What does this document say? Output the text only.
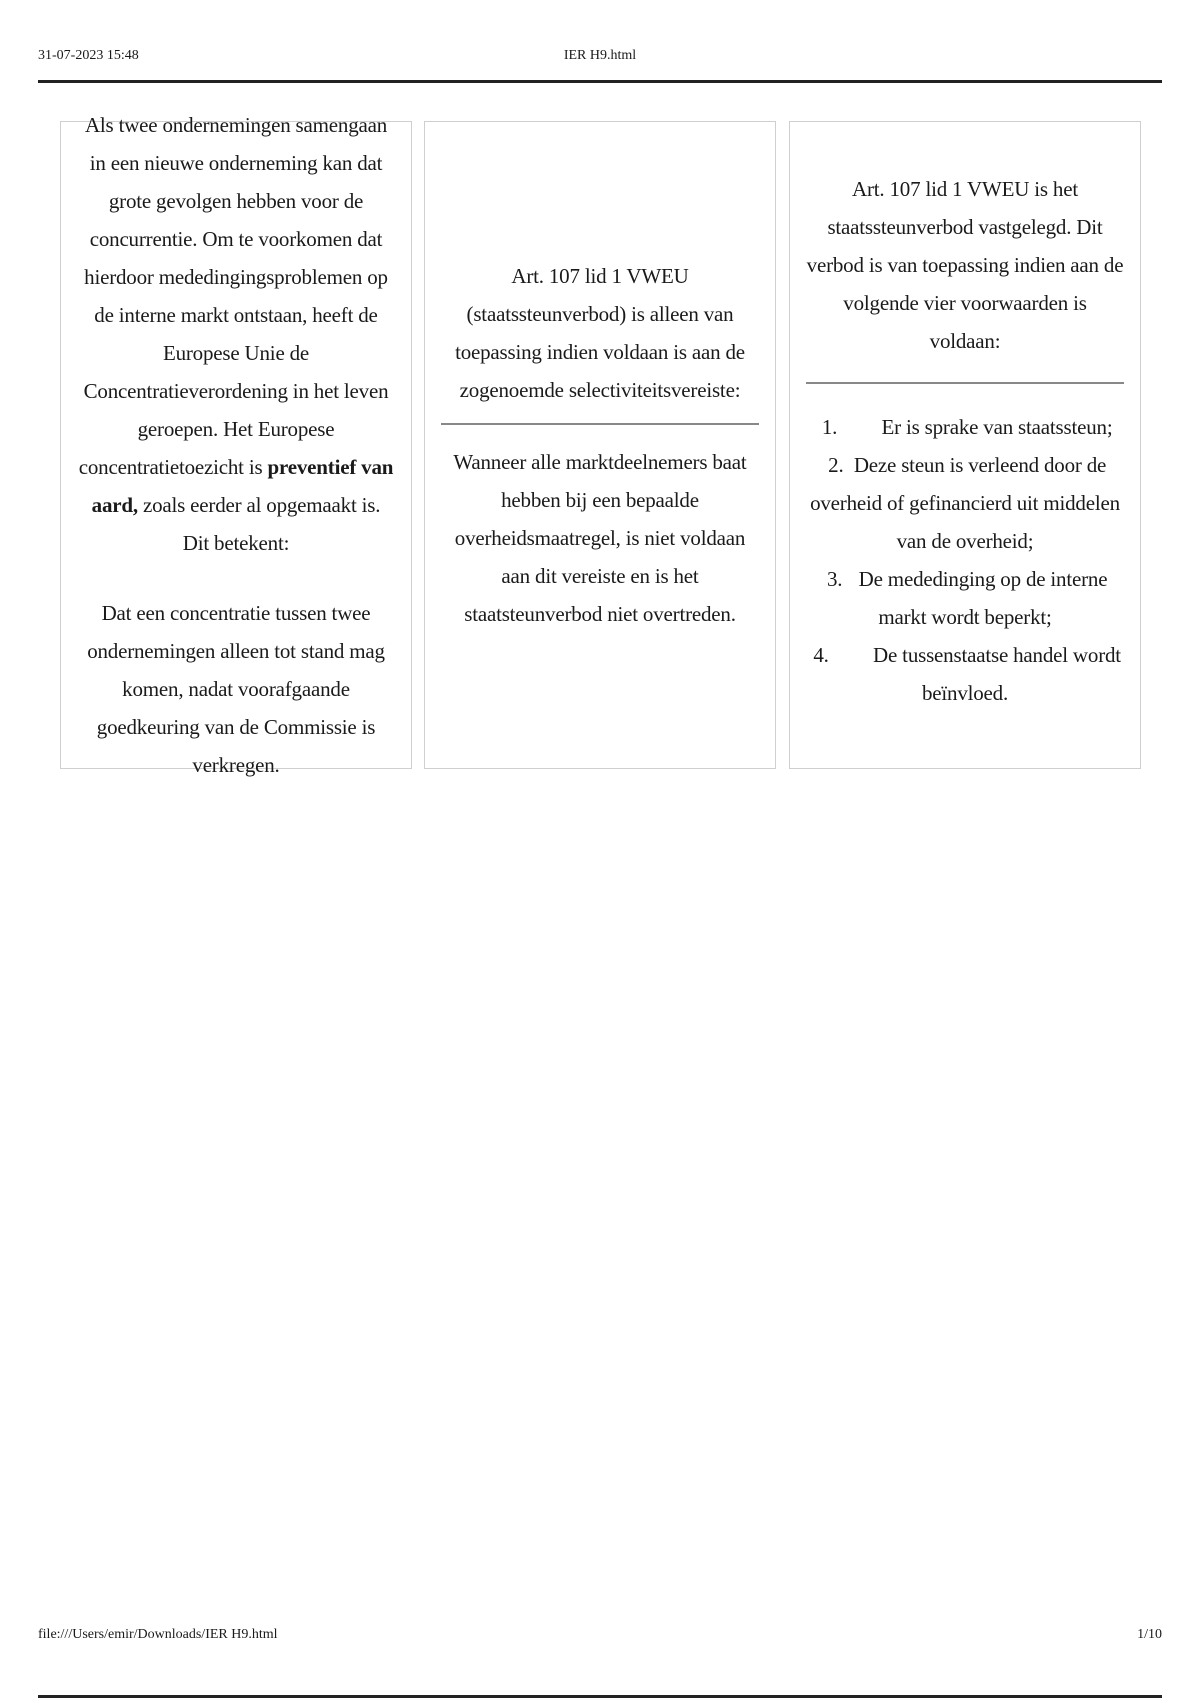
31-07-2023 15:48	IER H9.html
Als twee ondernemingen samengaan in een nieuwe onderneming kan dat grote gevolgen hebben voor de concurrentie. Om te voorkomen dat hierdoor mededingingsproblemen op de interne markt ontstaan, heeft de Europese Unie de Concentratieverordening in het leven geroepen. Het Europese concentratietoezicht is preventief van aard, zoals eerder al opgemaakt is. Dit betekent:
Dat een concentratie tussen twee ondernemingen alleen tot stand mag komen, nadat voorafgaande goedkeuring van de Commissie is verkregen.
Art. 107 lid 1 VWEU (staatssteunverbod) is alleen van toepassing indien voldaan is aan de zogenoemde selectiviteitsvereiste:
Wanneer alle marktdeelnemers baat hebben bij een bepaalde overheidsmaatregel, is niet voldaan aan dit vereiste en is het staatsteunverbod niet overtreden.
Art. 107 lid 1 VWEU is het staatssteunverbod vastgelegd. Dit verbod is van toepassing indien aan de volgende vier voorwaarden is voldaan:
1. Er is sprake van staatssteun;
2. Deze steun is verleend door de overheid of gefinancierd uit middelen van de overheid;
3. De mededinging op de interne markt wordt beperkt;
4. De tussenstaatse handel wordt beïnvloed.
file:///Users/emir/Downloads/IER H9.html	1/10
